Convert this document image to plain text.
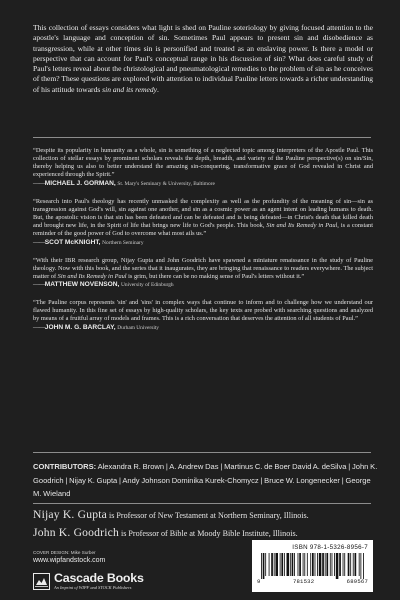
This collection of essays considers what light is shed on Pauline soteriology by giving focused attention to the apostle's language and conception of sin. Sometimes Paul appears to present sin and disobedience as transgression, while at other times sin is personified and treated as an enslaving power. Is there a model or perspective that can account for Paul's conceptual range in his discussion of sin? What does careful study of Paul's letters reveal about the christological and pneumatological remedies to the problem of sin as he conceives of them? These questions are explored with attention to individual Pauline letters towards a richer understanding of his attitude towards sin and its remedy.

“Despite its popularity in humanity as a whole, sin is something of a neglected topic among interpreters of the Apostle Paul. This collection of stellar essays by prominent scholars reveals the depth, breadth, and variety of the Pauline perspective(s) on sin/Sin, thereby helping us also to better understand the amazing sin-conquering, transformative grace of God revealed in Christ and experienced through the Spirit.”

——MICHAEL J. GORMAN, St. Mary's Seminary & University, Baltimore

“Research into Paul's theology has recently unmasked the complexity as well as the profundity of the meaning of sin—sin as transgression against God's will, sin against one another, and sin as a cosmic power as an agent intent on leading humans to death. But, the apostolic vision is that sin has been defeated and can be defeated and is being defeated—in Christ's death that killed death and brought new life, in the Spirit of life that brings new life to God's people. This book, Sin and Its Remedy in Paul, is a constant reminder of the good power of God to overcome what most ails us.”

——SCOT McKNIGHT, Northern Seminary

“With their IBR research group, Nijay Gupta and John Goodrich have spawned a miniature renaissance in the study of Pauline theology. Now with this book, and the series that it inaugurates, they are bringing that renaissance to readers everywhere. The subject matter of Sin and Its Remedy in Paul is grim, but there can be no making sense of Paul's letters without it.”

——MATTHEW NOVENSON, University of Edinburgh

“The Pauline corpus represents 'sin' and 'sins' in complex ways that continue to inform and to challenge how we understand our flawed humanity. In this fine set of essays by high-quality scholars, the key texts are probed with searching questions and analyzed by means of a fruitful array of models and frames. This is a rich conversation that deserves the attention of all students of Paul.”

——JOHN M. G. BARCLAY, Durham University
CONTRIBUTORS: Alexandra R. Brown | A. Andrew Das | Martinus C. de Boer David A. deSilva | John K. Goodrich | Nijay K. Gupta | Andy Johnson Dominika Kurek-Chomycz | Bruce W. Longenecker | George M. Wieland
Nijay K. Gupta is Professor of New Testament at Northern Seminary, Illinois.
John K. Goodrich is Professor of Bible at Moody Bible Institute, Illinois.
COVER DESIGN: Mike Surber
www.wipfandstock.com
Cascade Books
An Imprint of WIPF and STOCK Publishers
ISBN 978-1-5326-8956-7
9	781532	689567
